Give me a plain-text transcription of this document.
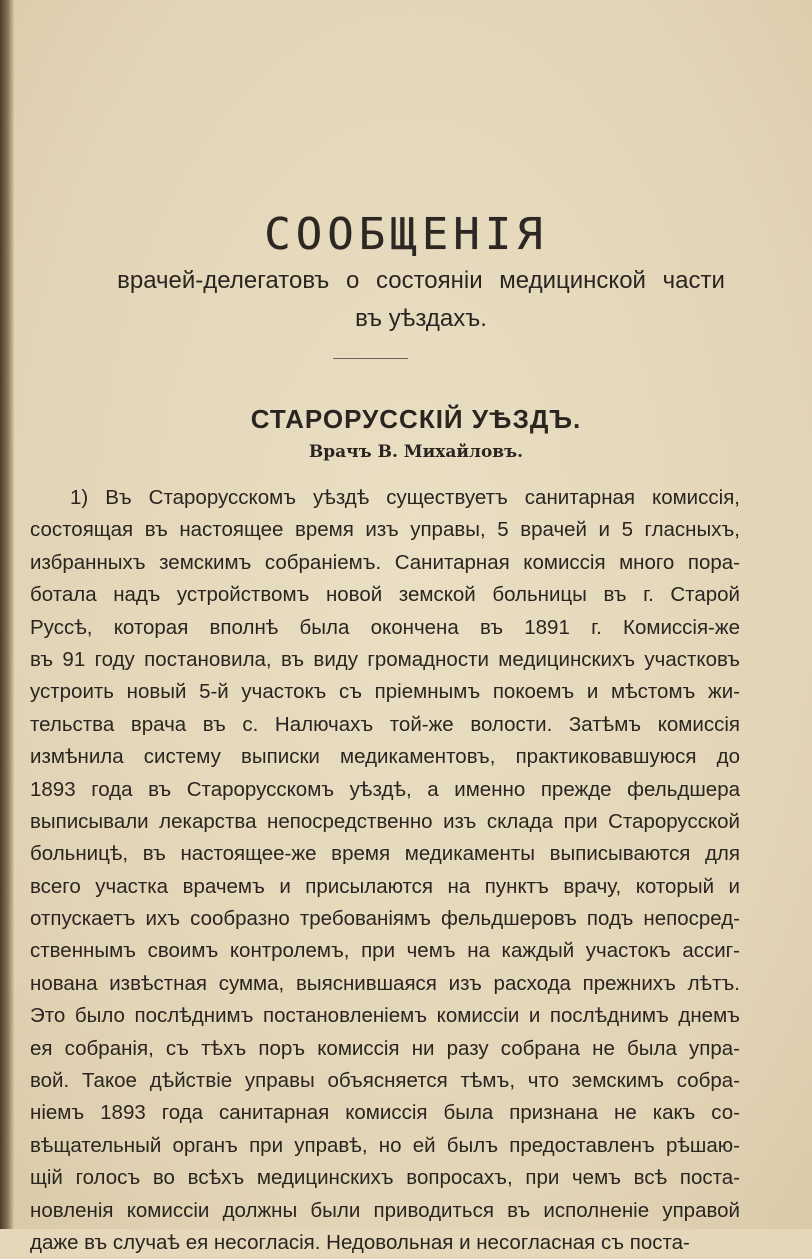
СООБЩЕНІЯ
врачей-делегатовъ о состояніи медицинской части
въ уѣздахъ.
СТАРОРУССКІЙ УѢЗДЪ.
Врачъ В. Михайловъ.
1) Въ Старорусскомъ уѣздѣ существуетъ санитарная комиссія,
состоящая въ настоящее время изъ управы, 5 врачей и 5 гласныхъ,
избранныхъ земскимъ собраніемъ. Санитарная комиссія много пора-
ботала надъ устройствомъ новой земской больницы въ г. Старой
Руссѣ, которая вполнѣ была окончена въ 1891 г. Комиссія-же
въ 91 году постановила, въ виду громадности медицинскихъ участковъ
устроить новый 5-й участокъ съ пріемнымъ покоемъ и мѣстомъ жи-
тельства врача въ с. Налючахъ той-же волости. Затѣмъ комиссія
измѣнила систему выписки медикаментовъ, практиковавшуюся до
1893 года въ Старорусскомъ уѣздѣ, а именно прежде фельдшера
выписывали лекарства непосредственно изъ склада при Старорусской
больницѣ, въ настоящее-же время медикаменты выписываются для
всего участка врачемъ и присылаются на пунктъ врачу, который и
отпускаетъ ихъ сообразно требованіямъ фельдшеровъ подъ непосред-
ственнымъ своимъ контролемъ, при чемъ на каждый участокъ ассиг-
нована извѣстная сумма, выяснившаяся изъ расхода прежнихъ лѣтъ.
Это было послѣднимъ постановленіемъ комиссіи и послѣднимъ днемъ
ея собранія, съ тѣхъ поръ комиссія ни разу собрана не была упра-
вой. Такое дѣйствіе управы объясняется тѣмъ, что земскимъ собра-
ніемъ 1893 года санитарная комиссія была признана не какъ со-
вѣщательный органъ при управѣ, но ей былъ предоставленъ рѣшаю-
щій голосъ во всѣхъ медицинскихъ вопросахъ, при чемъ всѣ поста-
новленія комиссіи должны были приводиться въ исполненіе управой
даже въ случаѣ ея несогласія. Недовольная и несогласная съ поста-
